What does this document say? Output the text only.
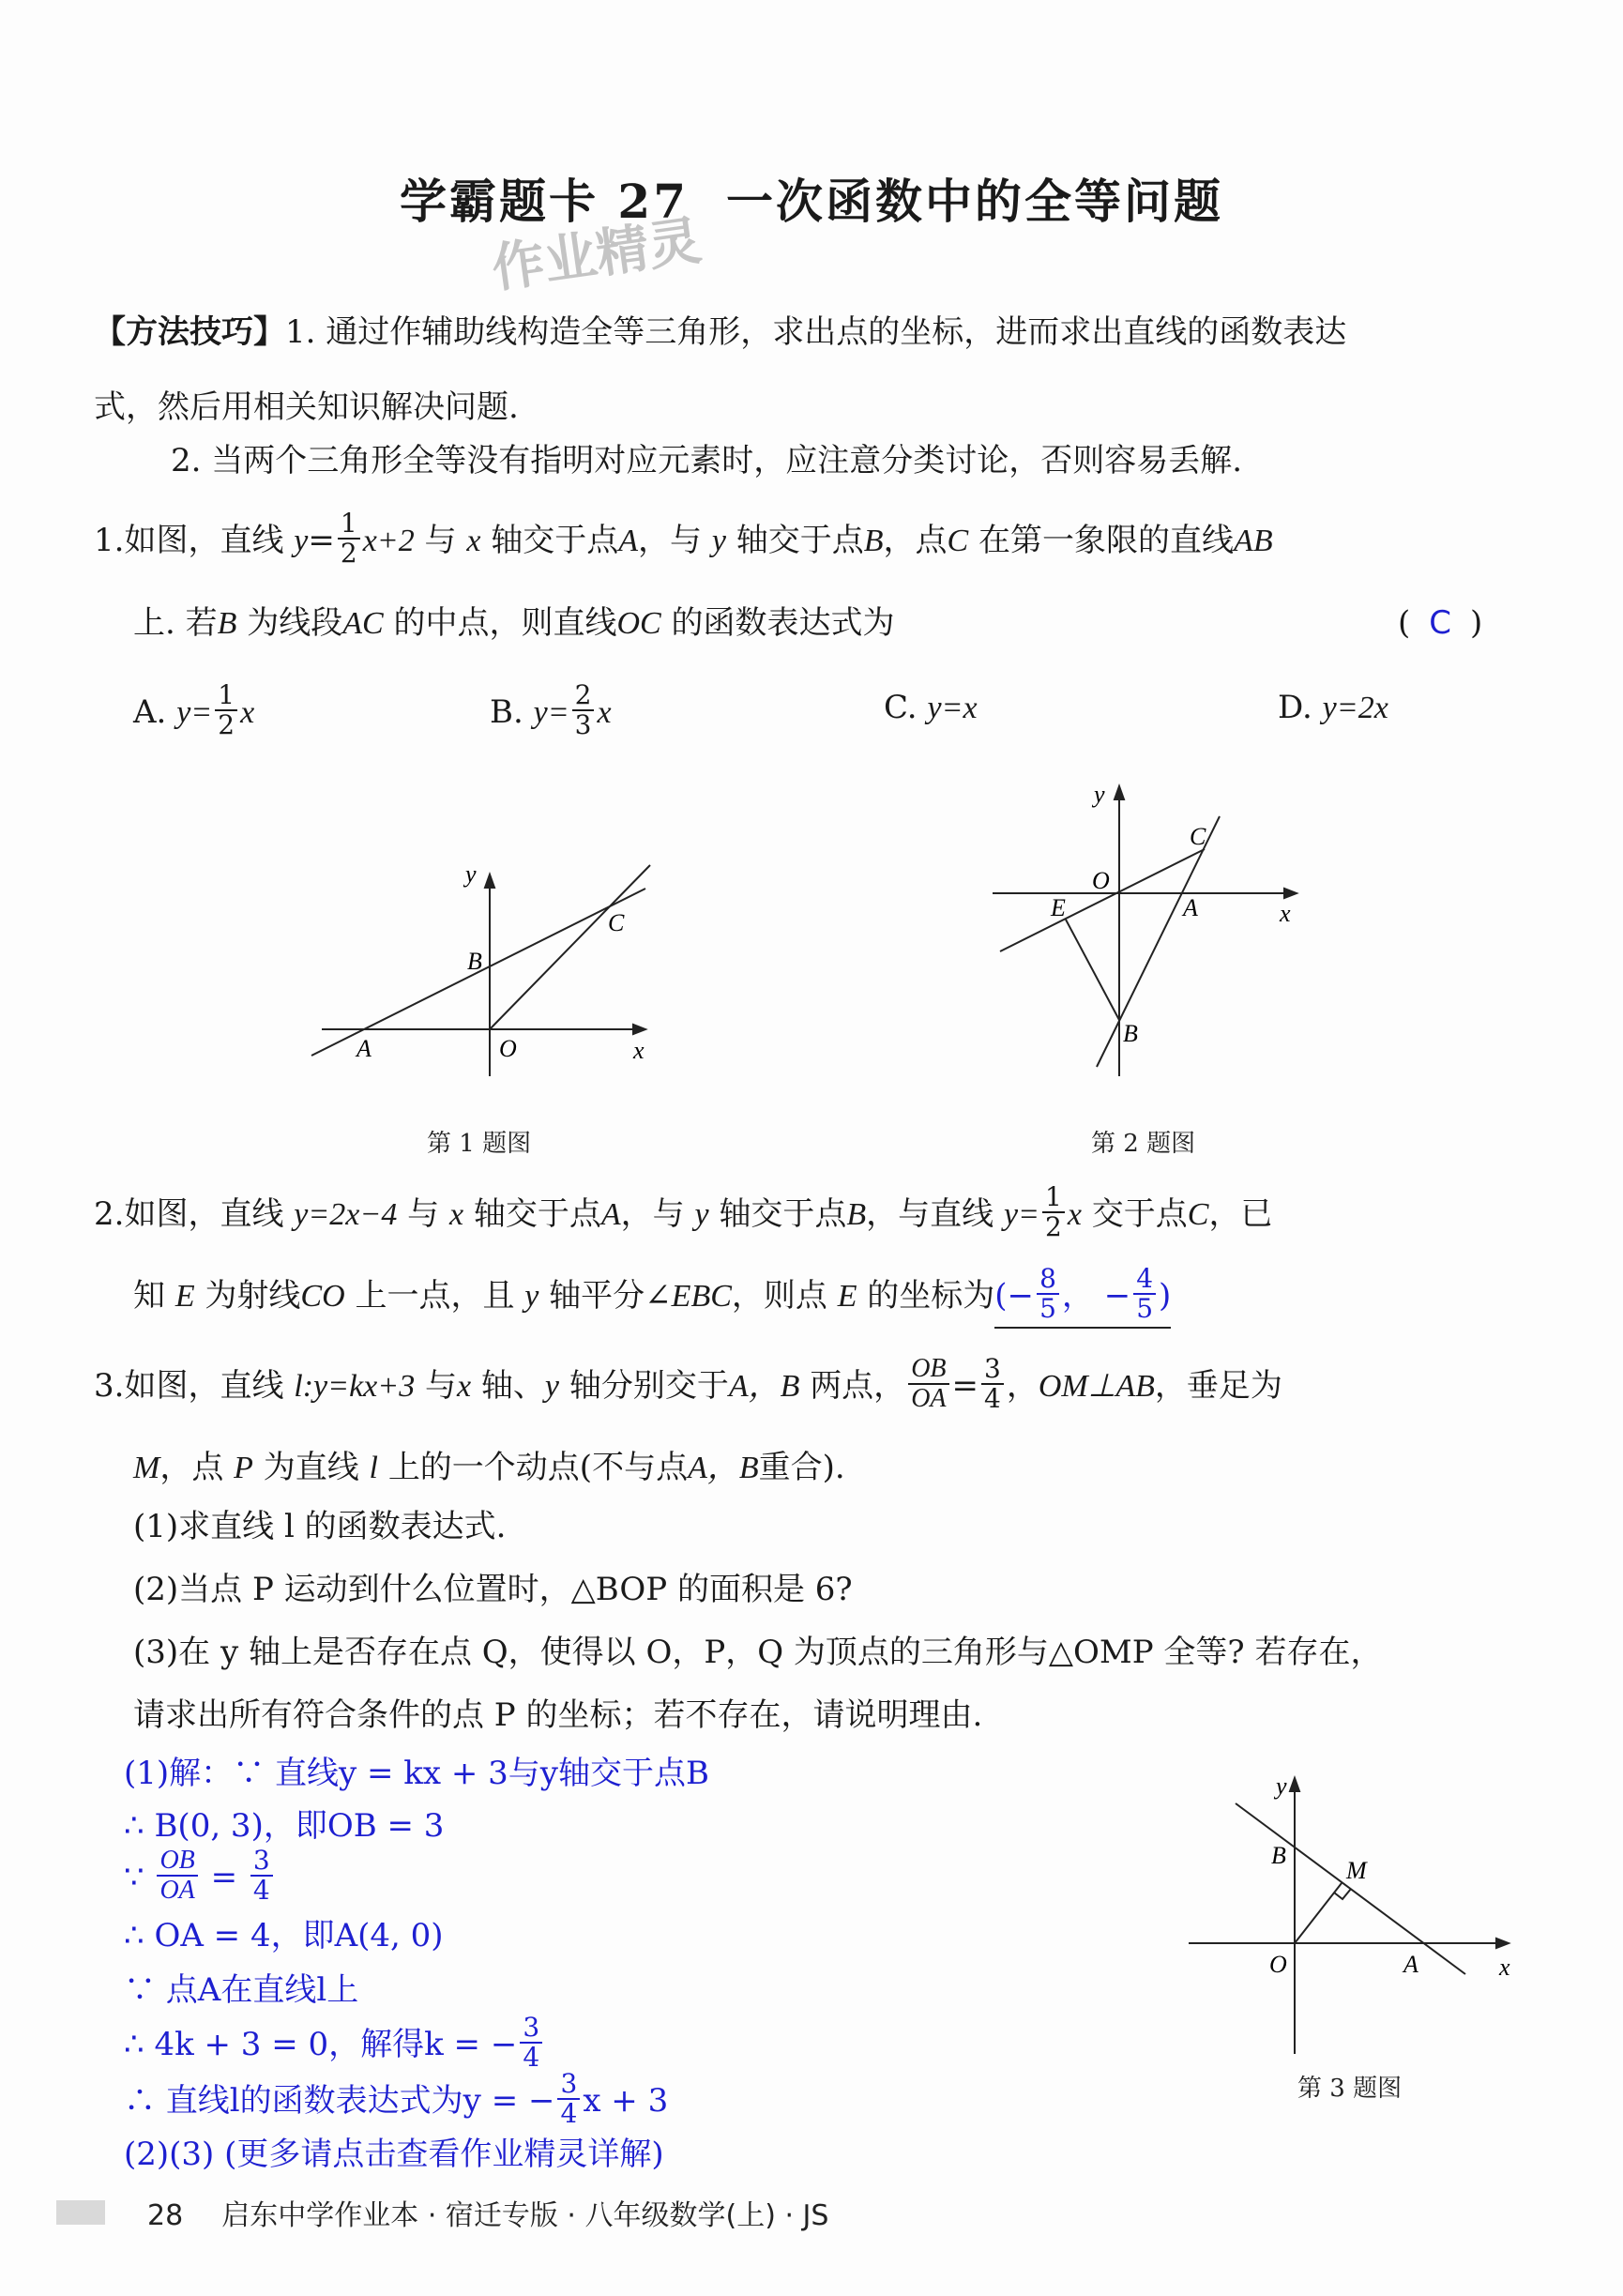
学霸题卡 27 一次函数中的全等问题
作业精灵
【方法技巧】1. 通过作辅助线构造全等三角形，求出点的坐标，进而求出直线的函数表达
式，然后用相关知识解决问题.
2. 当两个三角形全等没有指明对应元素时，应注意分类讨论，否则容易丢解.
1.如图，直线 $y= \frac{1}{2} x+2$ 与 x 轴交于点A，与 y 轴交于点B，点C 在第一象限的直线AB
上. 若B 为线段AC 的中点，则直线OC 的函数表达式为	( C )
A. $y= \frac{1}{2}$ x	B. $y= \frac{2}{3}$ x	C. y=x	D. y=2x
y
x
A
B
C
O
第 1 题图
y
x
O
E	A
C
B
第 2 题图
2.如图，直线 y=2x−4 与 x 轴交于点A，与 y 轴交于点B，与直线 $y= \frac{1}{2}$ x 交于点C，已
知 E 为射线CO 上一点，且 y 轴平分∠EBC，则点 E 的坐标为(− $\frac{8}{5}$ ， − $\frac{4}{5}$ )
3.如图，直线 l:y=kx+3 与x 轴、y 轴分别交于A，B 两点， $\frac{OB}{OA} = \frac{3}{4}$ ，OM⊥AB，垂足为
M，点 P 为直线 l 上的一个动点(不与点A，B重合).
(1)求直线 l 的函数表达式.
(2)当点 P 运动到什么位置时，△BOP 的面积是 6?
(3)在 y 轴上是否存在点 Q，使得以 O，P，Q 为顶点的三角形与△OMP 全等? 若存在，
请求出所有符合条件的点 P 的坐标；若不存在，请说明理由.
(1)解：∵ 直线y = kx + 3与y轴交于点B
∴ B(0, 3)，即OB = 3
∵ $\frac{OB}{OA} = \frac{3}{4}$
∴ OA = 4，即A(4, 0)
∵ 点A在直线l上
∴ 4k + 3 = 0，解得k = − $\frac{3}{4}$
∴ 直线l的函数表达式为y = − $\frac{3}{4}$ x + 3
(2)(3) (更多请点击查看作业精灵详解)
y
x
B
M
O	A
第 3 题图
28 启东中学作业本 · 宿迁专版 · 八年级数学(上) · JS
